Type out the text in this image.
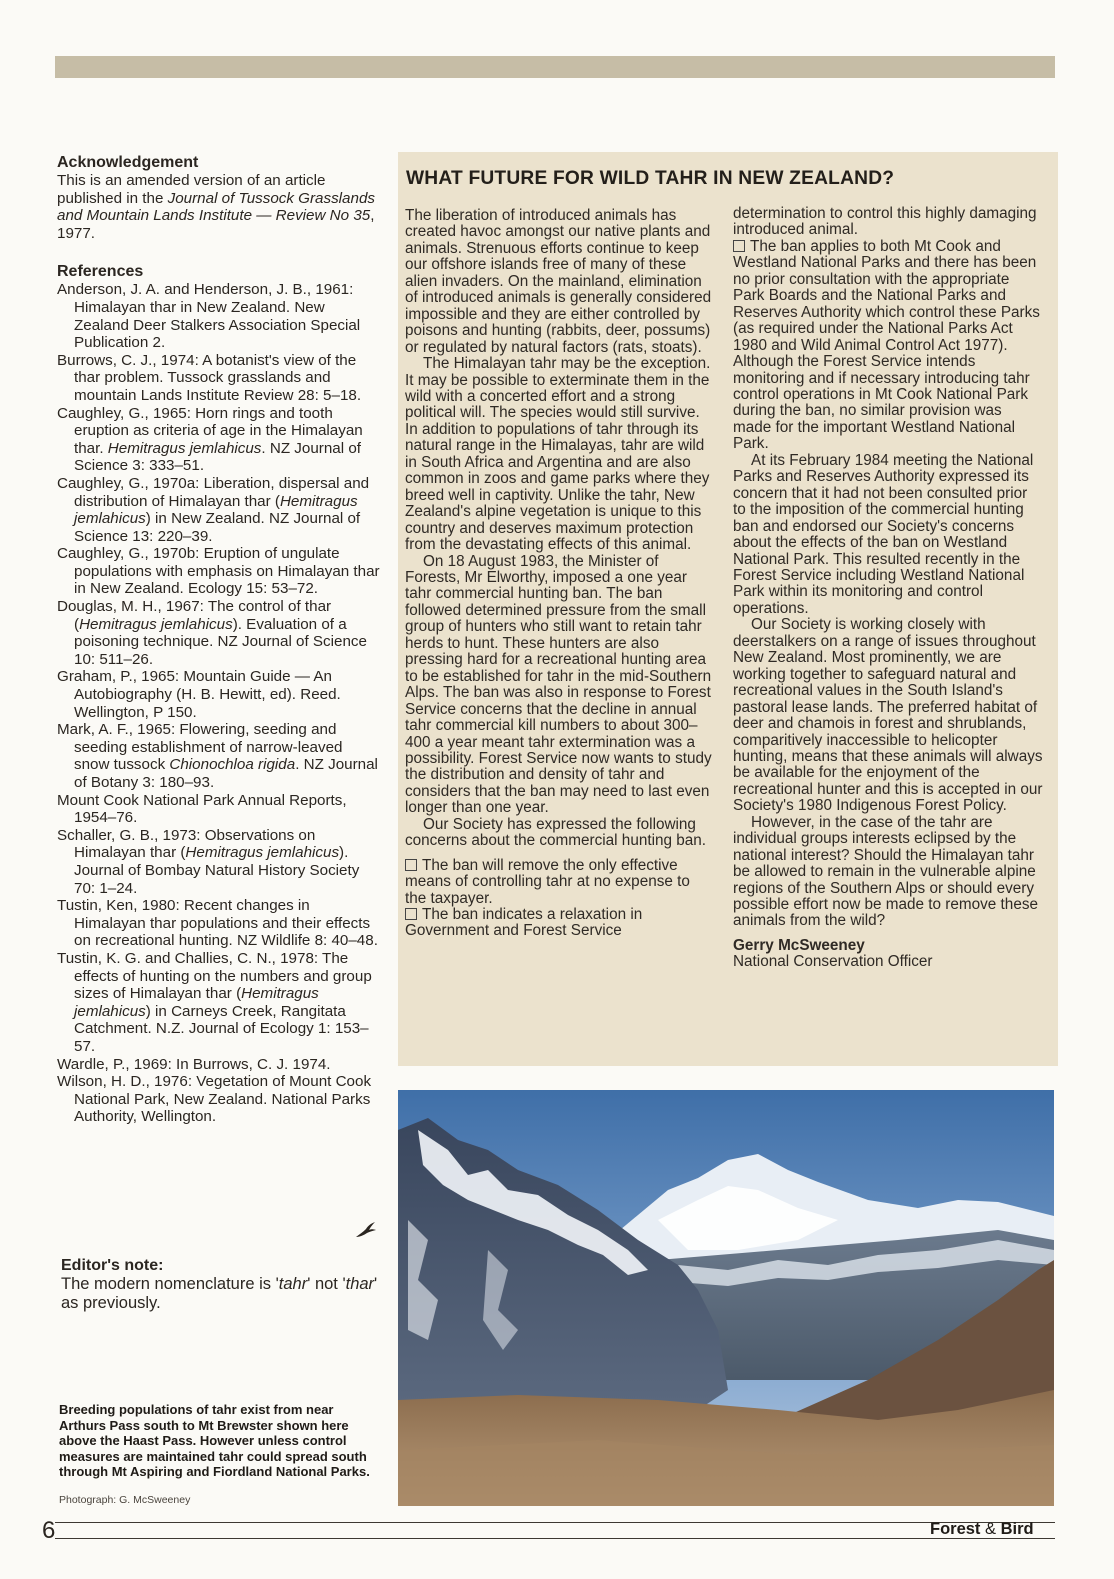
Acknowledgement

This is an amended version of an article published in the Journal of Tussock Grasslands and Mountain Lands Institute — Review No 35, 1977.

References
Anderson, J. A. and Henderson, J. B., 1961: Himalayan thar in New Zealand. New Zealand Deer Stalkers Association Special Publication 2.
Burrows, C. J., 1974: A botanist's view of the thar problem. Tussock grasslands and mountain Lands Institute Review 28: 5–18.
Caughley, G., 1965: Horn rings and tooth eruption as criteria of age in the Himalayan thar. Hemitragus jemlahicus. NZ Journal of Science 3: 333–51.
Caughley, G., 1970a: Liberation, dispersal and distribution of Himalayan thar (Hemitragus jemlahicus) in New Zealand. NZ Journal of Science 13: 220–39.
Caughley, G., 1970b: Eruption of ungulate populations with emphasis on Himalayan thar in New Zealand. Ecology 15: 53–72.
Douglas, M. H., 1967: The control of thar (Hemitragus jemlahicus). Evaluation of a poisoning technique. NZ Journal of Science 10: 511–26.
Graham, P., 1965: Mountain Guide — An Autobiography (H. B. Hewitt, ed). Reed. Wellington, P 150.
Mark, A. F., 1965: Flowering, seeding and seeding establishment of narrow-leaved snow tussock Chionochloa rigida. NZ Journal of Botany 3: 180–93.
Mount Cook National Park Annual Reports, 1954–76.
Schaller, G. B., 1973: Observations on Himalayan thar (Hemitragus jemlahicus). Journal of Bombay Natural History Society 70: 1–24.
Tustin, Ken, 1980: Recent changes in Himalayan thar populations and their effects on recreational hunting. NZ Wildlife 8: 40–48.
Tustin, K. G. and Challies, C. N., 1978: The effects of hunting on the numbers and group sizes of Himalayan thar (Hemitragus jemlahicus) in Carneys Creek, Rangitata Catchment. N.Z. Journal of Ecology 1: 153–57.
Wardle, P., 1969: In Burrows, C. J. 1974.
Wilson, H. D., 1976: Vegetation of Mount Cook National Park, New Zealand. National Parks Authority, Wellington.
Editor's note:
The modern nomenclature is 'tahr' not 'thar' as previously.
WHAT FUTURE FOR WILD TAHR IN NEW ZEALAND?

The liberation of introduced animals has created havoc amongst our native plants and animals. Strenuous efforts continue to keep our offshore islands free of many of these alien invaders. On the mainland, elimination of introduced animals is generally considered impossible and they are either controlled by poisons and hunting (rabbits, deer, possums) or regulated by natural factors (rats, stoats).

The Himalayan tahr may be the exception. It may be possible to exterminate them in the wild with a concerted effort and a strong political will. The species would still survive. In addition to populations of tahr through its natural range in the Himalayas, tahr are wild in South Africa and Argentina and are also common in zoos and game parks where they breed well in captivity. Unlike the tahr, New Zealand's alpine vegetation is unique to this country and deserves maximum protection from the devastating effects of this animal.

On 18 August 1983, the Minister of Forests, Mr Elworthy, imposed a one year tahr commercial hunting ban. The ban followed determined pressure from the small group of hunters who still want to retain tahr herds to hunt. These hunters are also pressing hard for a recreational hunting area to be established for tahr in the mid-Southern Alps. The ban was also in response to Forest Service concerns that the decline in annual tahr commercial kill numbers to about 300–400 a year meant tahr extermination was a possibility. Forest Service now wants to study the distribution and density of tahr and considers that the ban may need to last even longer than one year.

Our Society has expressed the following concerns about the commercial hunting ban.

The ban will remove the only effective means of controlling tahr at no expense to the taxpayer.

The ban indicates a relaxation in Government and Forest Service

determination to control this highly damaging introduced animal.

The ban applies to both Mt Cook and Westland National Parks and there has been no prior consultation with the appropriate Park Boards and the National Parks and Reserves Authority which control these Parks (as required under the National Parks Act 1980 and Wild Animal Control Act 1977). Although the Forest Service intends monitoring and if necessary introducing tahr control operations in Mt Cook National Park during the ban, no similar provision was made for the important Westland National Park.

At its February 1984 meeting the National Parks and Reserves Authority expressed its concern that it had not been consulted prior to the imposition of the commercial hunting ban and endorsed our Society's concerns about the effects of the ban on Westland National Park. This resulted recently in the Forest Service including Westland National Park within its monitoring and control operations.

Our Society is working closely with deerstalkers on a range of issues throughout New Zealand. Most prominently, we are working together to safeguard natural and recreational values in the South Island's pastoral lease lands. The preferred habitat of deer and chamois in forest and shrublands, comparitively inaccessible to helicopter hunting, means that these animals will always be available for the enjoyment of the recreational hunter and this is accepted in our Society's 1980 Indigenous Forest Policy.

However, in the case of the tahr are individual groups interests eclipsed by the national interest? Should the Himalayan tahr be allowed to remain in the vulnerable alpine regions of the Southern Alps or should every possible effort now be made to remove these animals from the wild?

Gerry McSweeney
National Conservation Officer
Breeding populations of tahr exist from near Arthurs Pass south to Mt Brewster shown here above the Haast Pass. However unless control measures are maintained tahr could spread south through Mt Aspiring and Fiordland National Parks.
Photograph: G. McSweeney
6	Forest & Bird
